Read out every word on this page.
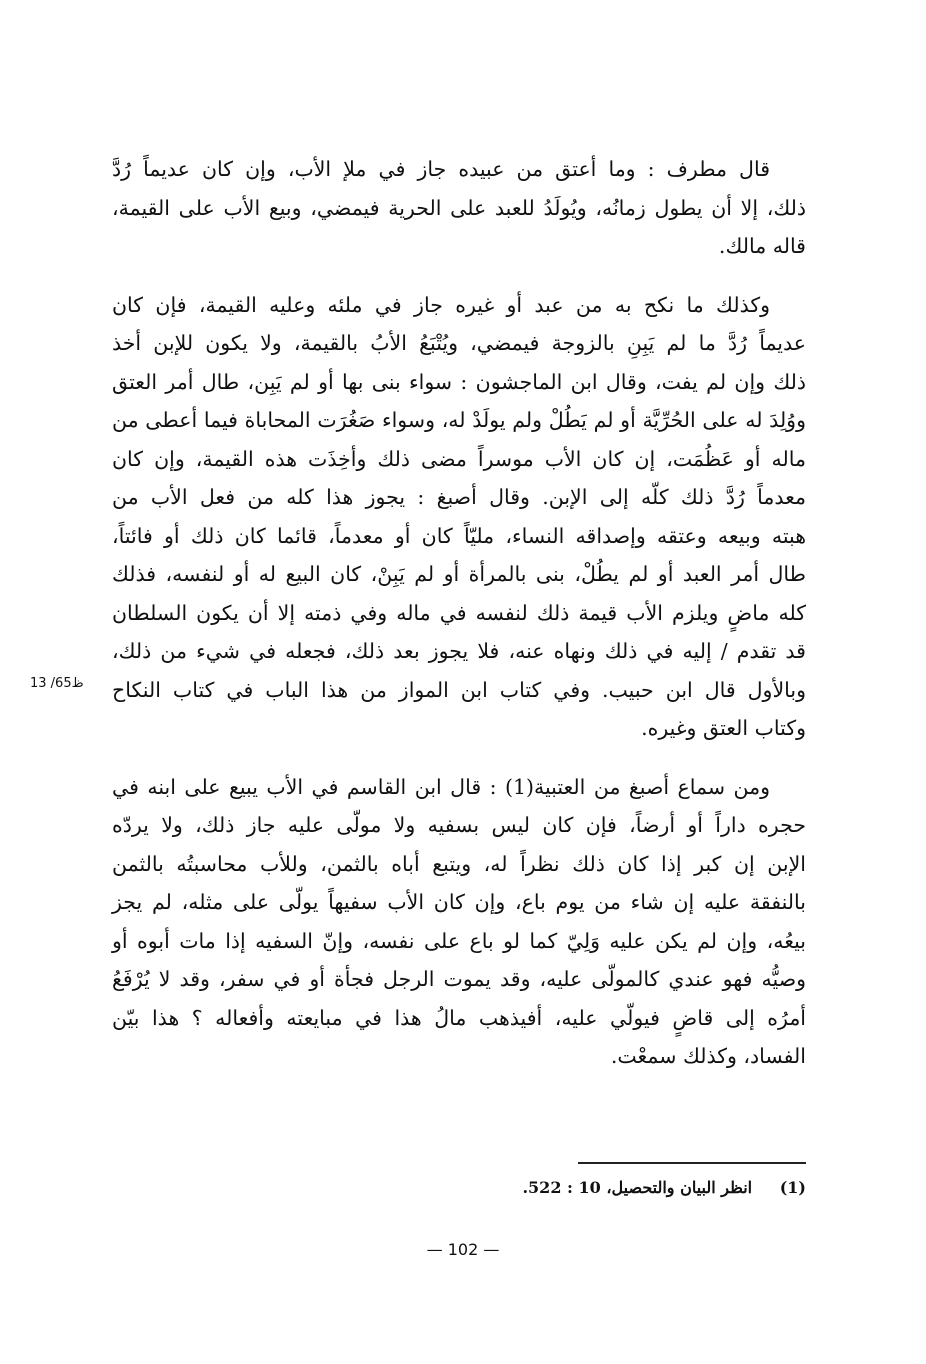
قال مطرف : وما أعتق من عبيده جاز في ملإ الأب، وإن كان عديماً رُدَّ
ذلك، إلا أن يطول زمانُه، ويُولَدُ للعبد على الحرية فيمضي، وبيع الأب على القيمة،
قاله مالك.

وكذلك ما نكح به من عبد أو غيره جاز في ملئه وعليه القيمة، فإن كان
عديماً رُدَّ ما لم يَبِنِ بالزوجة فيمضي، ويُتْبَعُ الأبُ بالقيمة، ولا يكون للإبن أخذ
ذلك وإن لم يفت، وقال ابن الماجشون : سواء بنى بها أو لم يَبِن، طال أمر العتق
ووُلِدَ له على الحُرِّيَّة أو لم يَطُلْ ولم يولَدْ له، وسواء صَغُرَت المحاباة فيما أعطى من
ماله أو عَظُمَت، إن كان الأب موسراً مضى ذلك وأخِذَت هذه القيمة، وإن كان
معدماً رُدَّ ذلك كلّه إلى الإبن. وقال أصبغ : يجوز هذا كله من فعل الأب من
هبته وبيعه وعتقه وإصداقه النساء، مليّاً كان أو معدماً، قائما كان ذلك أو فائتاً،
طال أمر العبد أو لم يطُلْ، بنى بالمرأة أو لم يَبِنْ، كان البيع له أو لنفسه، فذلك
كله ماضٍ ويلزم الأب قيمة ذلك لنفسه في ماله وفي ذمته إلا أن يكون السلطان
قد تقدم / إليه في ذلك ونهاه عنه، فلا يجوز بعد ذلك، فجعله في شيء من ذلك،
وبالأول قال ابن حبيب. وفي كتاب ابن المواز من هذا الباب في كتاب النكاح
وكتاب العتق وغيره.

ومن سماع أصبغ من العتبية(1) : قال ابن القاسم في الأب يبيع على ابنه في
حجره داراً أو أرضاً، فإن كان ليس بسفيه ولا مولّى عليه جاز ذلك، ولا يردّه
الإبن إن كبر إذا كان ذلك نظراً له، ويتبع أباه بالثمن، وللأب محاسبتُه بالثمن
بالنفقة عليه إن شاء من يوم باع، وإن كان الأب سفيهاً يولّى على مثله، لم يجز
بيعُه، وإن لم يكن عليه وَلِيّ كما لو باع على نفسه، وإنّ السفيه إذا مات أبوه أو
وصيُّه فهو عندي كالمولّى عليه، وقد يموت الرجل فجأة أو في سفر، وقد لا يُرْفَعُ
أمرُه إلى قاضٍ فيولّي عليه، أفيذهب مالُ هذا في مبايعته وأفعاله ؟ هذا بيّن
الفساد، وكذلك سمعْت.

13 /65ظ
(1) انظر البيان والتحصيل، 10 : 522.
— 102 —
